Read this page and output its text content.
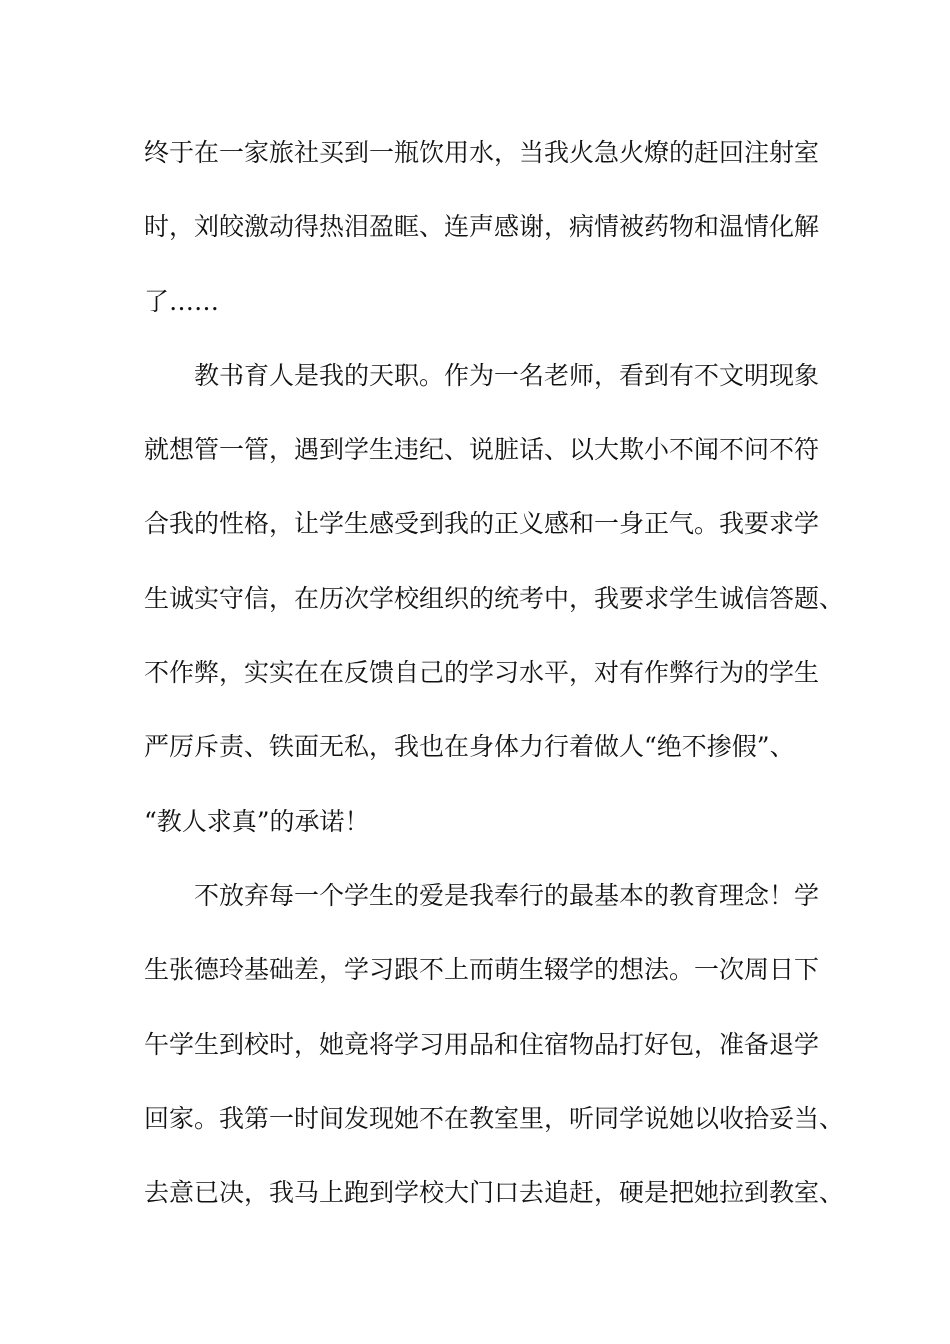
终于在一家旅社买到一瓶饮用水，当我火急火燎的赶回注射室
时，刘皎激动得热泪盈眶、连声感谢，病情被药物和温情化解
了……
教书育人是我的天职。作为一名老师，看到有不文明现象
就想管一管，遇到学生违纪、说脏话、以大欺小不闻不问不符
合我的性格，让学生感受到我的正义感和一身正气。我要求学
生诚实守信，在历次学校组织的统考中，我要求学生诚信答题、
不作弊，实实在在反馈自己的学习水平，对有作弊行为的学生
严厉斥责、铁面无私，我也在身体力行着做人“绝不掺假”、
“教人求真”的承诺！
不放弃每一个学生的爱是我奉行的最基本的教育理念！学
生张德玲基础差，学习跟不上而萌生辍学的想法。一次周日下
午学生到校时，她竟将学习用品和住宿物品打好包，准备退学
回家。我第一时间发现她不在教室里，听同学说她以收拾妥当、
去意已决，我马上跑到学校大门口去追赶，硬是把她拉到教室、
